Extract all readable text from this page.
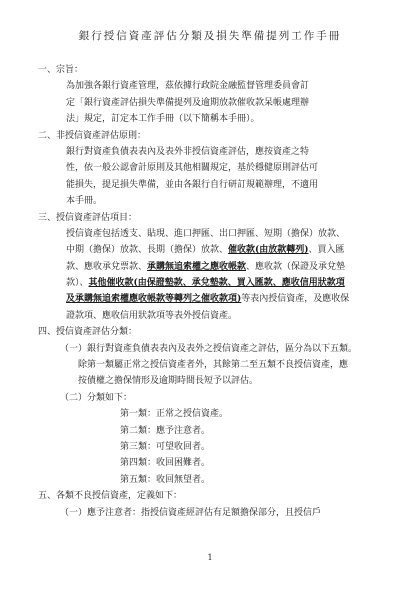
銀行授信資產評估分類及損失準備提列工作手冊
一、宗旨：
為加強各銀行資產管理，茲依據行政院金融監督管理委員會訂
定「銀行資產評估損失準備提列及逾期放款催收款呆帳處理辦
法」規定，訂定本工作手冊（以下簡稱本手冊）。
二、非授信資產評估原則：
銀行對資產負債表表內及表外非授信資產評估，應按資產之特
性，依一般公認會計原則及其他相關規定，基於穩健原則評估可
能損失，提足損失準備，並由各銀行自行研訂規範辦理，不適用
本手冊。
三、授信資產評估項目：
授信資產包括透支、貼現、進口押匯、出口押匯、短期（擔保）放款、
中期（擔保）放款、長期（擔保）放款、催收款(由放款轉列)、買入匯
款、應收承兌票款、承購無追索權之應收帳款、應收款（保證及承兌墊
款）、其他催收款(由保證墊款、承兌墊款、買入匯款、應收信用狀款項
及承購無追索權應收帳款等轉列之催收款項)等表內授信資產，及應收保
證款項、應收信用狀款項等表外授信資產。
四、授信資產評估分類：
（一）銀行對資產負債表表內及表外之授信資產之評估，區分為以下五類。
除第一類屬正常之授信資產者外，其餘第二至五類不良授信資產，應
按債權之擔保情形及逾期時間長短予以評估。
（二）分類如下：
第一類：正常之授信資產。
第二類：應予注意者。
第三類：可望收回者。
第四類：收回困難者。
第五類：收回無望者。
五、各類不良授信資產，定義如下：
（一）應予注意者：指授信資產經評估有足額擔保部分，且授信戶
1
